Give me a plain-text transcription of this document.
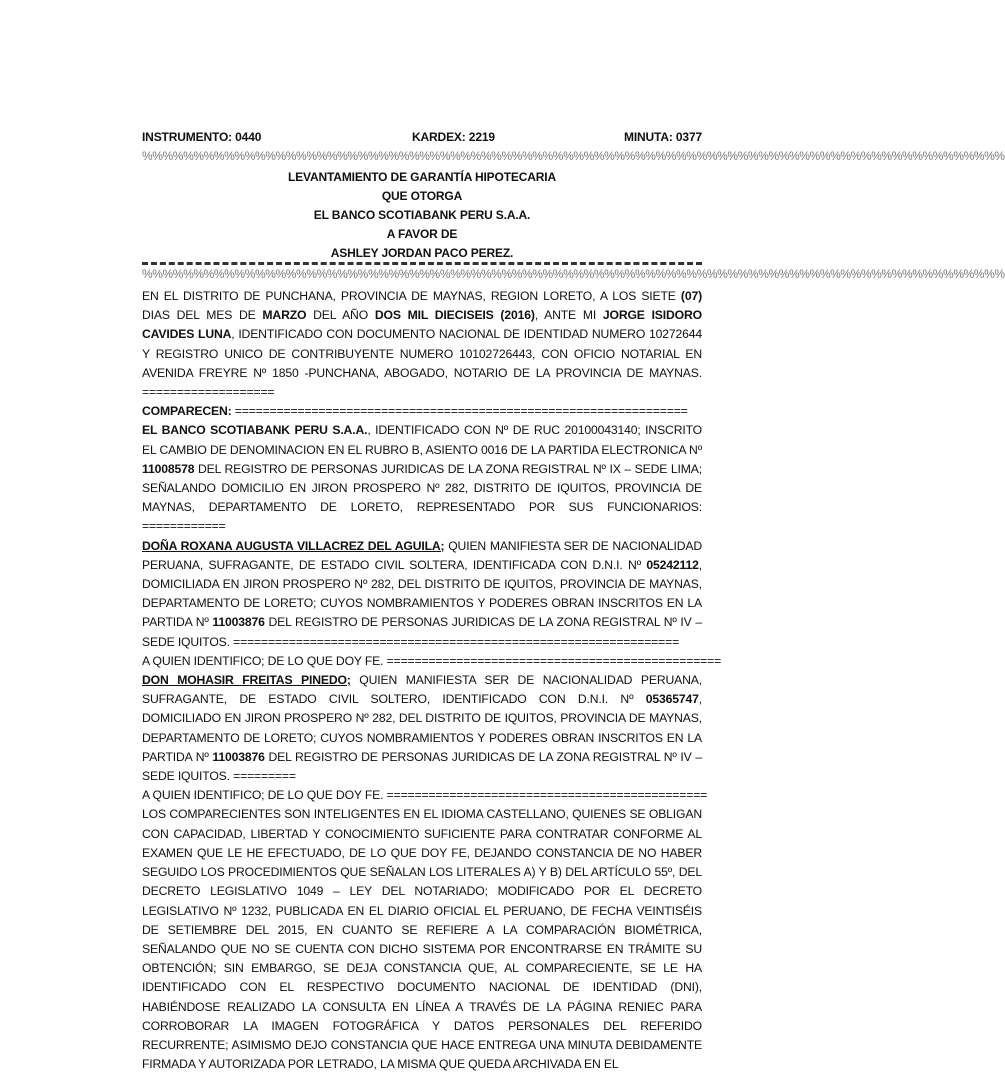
INSTRUMENTO: 0440	KARDEX: 2219	MINUTA: 0377
%%%%%%%%%%%%%%%%%%%%%%%%%%%%%%%%%%%%%%%%%%%%%%%%%%%%%%%%%%%%%%%%%%%%%%%%%%%%%%%%%%%%
LEVANTAMIENTO DE GARANTÍA HIPOTECARIA
QUE OTORGA
EL BANCO SCOTIABANK PERU S.A.A.
A FAVOR DE
ASHLEY JORDAN PACO PEREZ.
%%%%%%%%%%%%%%%%%%%%%%%%%%%%%%%%%%%%%%%%%%%%%%%%%%%%%%%%%%%%%%%%%%%%%%%%%%%%%%%%%%%%

EN EL DISTRITO DE PUNCHANA, PROVINCIA DE MAYNAS, REGION LORETO, A LOS SIETE (07) DIAS DEL MES DE MARZO DEL AÑO DOS MIL DIECISEIS (2016), ANTE MI JORGE ISIDORO CAVIDES LUNA, IDENTIFICADO CON DOCUMENTO NACIONAL DE IDENTIDAD NUMERO 10272644 Y REGISTRO UNICO DE CONTRIBUYENTE NUMERO 10102726443, CON OFICIO NOTARIAL EN AVENIDA FREYRE Nº 1850 -PUNCHANA, ABOGADO, NOTARIO DE LA PROVINCIA DE MAYNAS. ===================

COMPARECEN: =================================================================

EL BANCO SCOTIABANK PERU S.A.A., IDENTIFICADO CON Nº DE RUC 20100043140; INSCRITO EL CAMBIO DE DENOMINACION EN EL RUBRO B, ASIENTO 0016 DE LA PARTIDA ELECTRONICA Nº 11008578 DEL REGISTRO DE PERSONAS JURIDICAS DE LA ZONA REGISTRAL Nº IX – SEDE LIMA; SEÑALANDO DOMICILIO EN JIRON PROSPERO Nº 282, DISTRITO DE IQUITOS, PROVINCIA DE MAYNAS, DEPARTAMENTO DE LORETO, REPRESENTADO POR SUS FUNCIONARIOS: ============

DOÑA ROXANA AUGUSTA VILLACREZ DEL AGUILA; QUIEN MANIFIESTA SER DE NACIONALIDAD PERUANA, SUFRAGANTE, DE ESTADO CIVIL SOLTERA, IDENTIFICADA CON D.N.I. Nº 05242112, DOMICILIADA EN JIRON PROSPERO Nº 282, DEL DISTRITO DE IQUITOS, PROVINCIA DE MAYNAS, DEPARTAMENTO DE LORETO; CUYOS NOMBRAMIENTOS Y PODERES OBRAN INSCRITOS EN LA PARTIDA Nº 11003876 DEL REGISTRO DE PERSONAS JURIDICAS DE LA ZONA REGISTRAL Nº IV – SEDE IQUITOS. ================================================================

A QUIEN IDENTIFICO; DE LO QUE DOY FE. ================================================

DON MOHASIR FREITAS PINEDO; QUIEN MANIFIESTA SER DE NACIONALIDAD PERUANA, SUFRAGANTE, DE ESTADO CIVIL SOLTERO, IDENTIFICADO CON D.N.I. Nº 05365747, DOMICILIADO EN JIRON PROSPERO Nº 282, DEL DISTRITO DE IQUITOS, PROVINCIA DE MAYNAS, DEPARTAMENTO DE LORETO; CUYOS NOMBRAMIENTOS Y PODERES OBRAN INSCRITOS EN LA PARTIDA Nº 11003876 DEL REGISTRO DE PERSONAS JURIDICAS DE LA ZONA REGISTRAL Nº IV – SEDE IQUITOS. =========

A QUIEN IDENTIFICO; DE LO QUE DOY FE. ==============================================

LOS COMPARECIENTES SON INTELIGENTES EN EL IDIOMA CASTELLANO, QUIENES SE OBLIGAN CON CAPACIDAD, LIBERTAD Y CONOCIMIENTO SUFICIENTE PARA CONTRATAR CONFORME AL EXAMEN QUE LE HE EFECTUADO, DE LO QUE DOY FE, DEJANDO CONSTANCIA DE NO HABER SEGUIDO LOS PROCEDIMIENTOS QUE SEÑALAN LOS LITERALES A) Y B) DEL ARTÍCULO 55º, DEL DECRETO LEGISLATIVO 1049 – LEY DEL NOTARIADO; MODIFICADO POR EL DECRETO LEGISLATIVO Nº 1232, PUBLICADA EN EL DIARIO OFICIAL EL PERUANO, DE FECHA VEINTISÉIS DE SETIEMBRE DEL 2015, EN CUANTO SE REFIERE A LA COMPARACIÓN BIOMÉTRICA, SEÑALANDO QUE NO SE CUENTA CON DICHO SISTEMA POR ENCONTRARSE EN TRÁMITE SU OBTENCIÓN; SIN EMBARGO, SE DEJA CONSTANCIA QUE, AL COMPARECIENTE, SE LE HA IDENTIFICADO CON EL RESPECTIVO DOCUMENTO NACIONAL DE IDENTIDAD (DNI), HABIÉNDOSE REALIZADO LA CONSULTA EN LÍNEA A TRAVÉS DE LA PÁGINA RENIEC PARA CORROBORAR LA IMAGEN FOTOGRÁFICA Y DATOS PERSONALES DEL REFERIDO RECURRENTE; ASIMISMO DEJO CONSTANCIA QUE HACE ENTREGA UNA MINUTA DEBIDAMENTE FIRMADA Y AUTORIZADA POR LETRADO, LA MISMA QUE QUEDA ARCHIVADA EN EL
